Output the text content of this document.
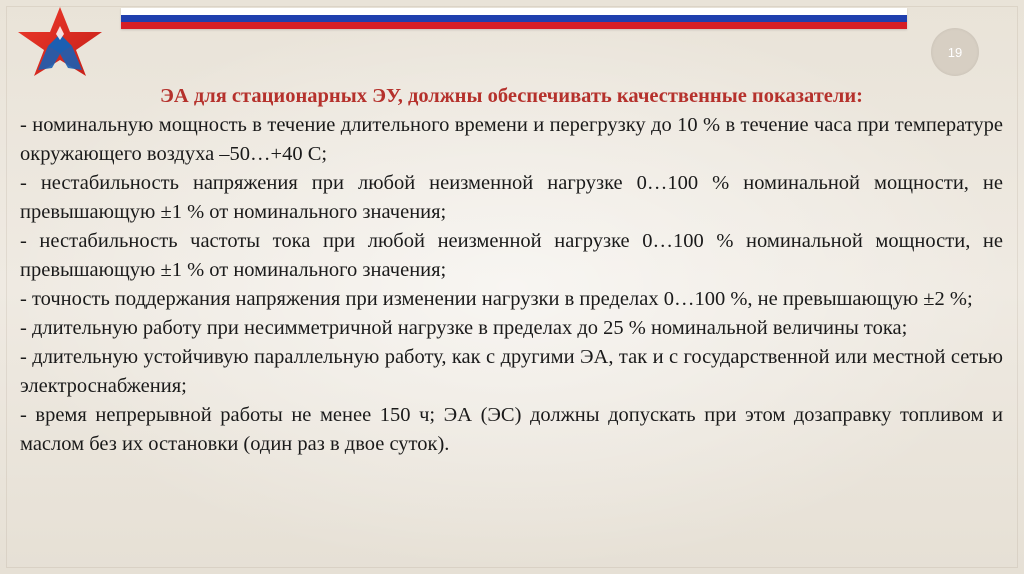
19

ЭА для стационарных ЭУ, должны обеспечивать качественные показатели:

- номинальную мощность в течение длительного времени и перегрузку до 10 % в течение часа при температуре окружающего воздуха –50…+40 С;

- нестабильность напряжения при любой неизменной нагрузке 0…100 % номинальной мощности, не превышающую ±1 % от номинального значения;

- нестабильность частоты тока при любой неизменной нагрузке 0…100 % номинальной мощности, не превышающую ±1 % от номинального значения;

- точность поддержания напряжения при изменении нагрузки в пределах 0…100 %, не превышающую ±2 %;

- длительную работу при несимметричной нагрузке в пределах до 25 % номинальной величины тока;

- длительную устойчивую параллельную работу, как с другими ЭА, так и с государственной или местной сетью электроснабжения;

- время непрерывной работы не менее 150 ч; ЭА (ЭС) должны допускать при этом дозаправку топливом и маслом без их остановки (один раз в двое суток).
